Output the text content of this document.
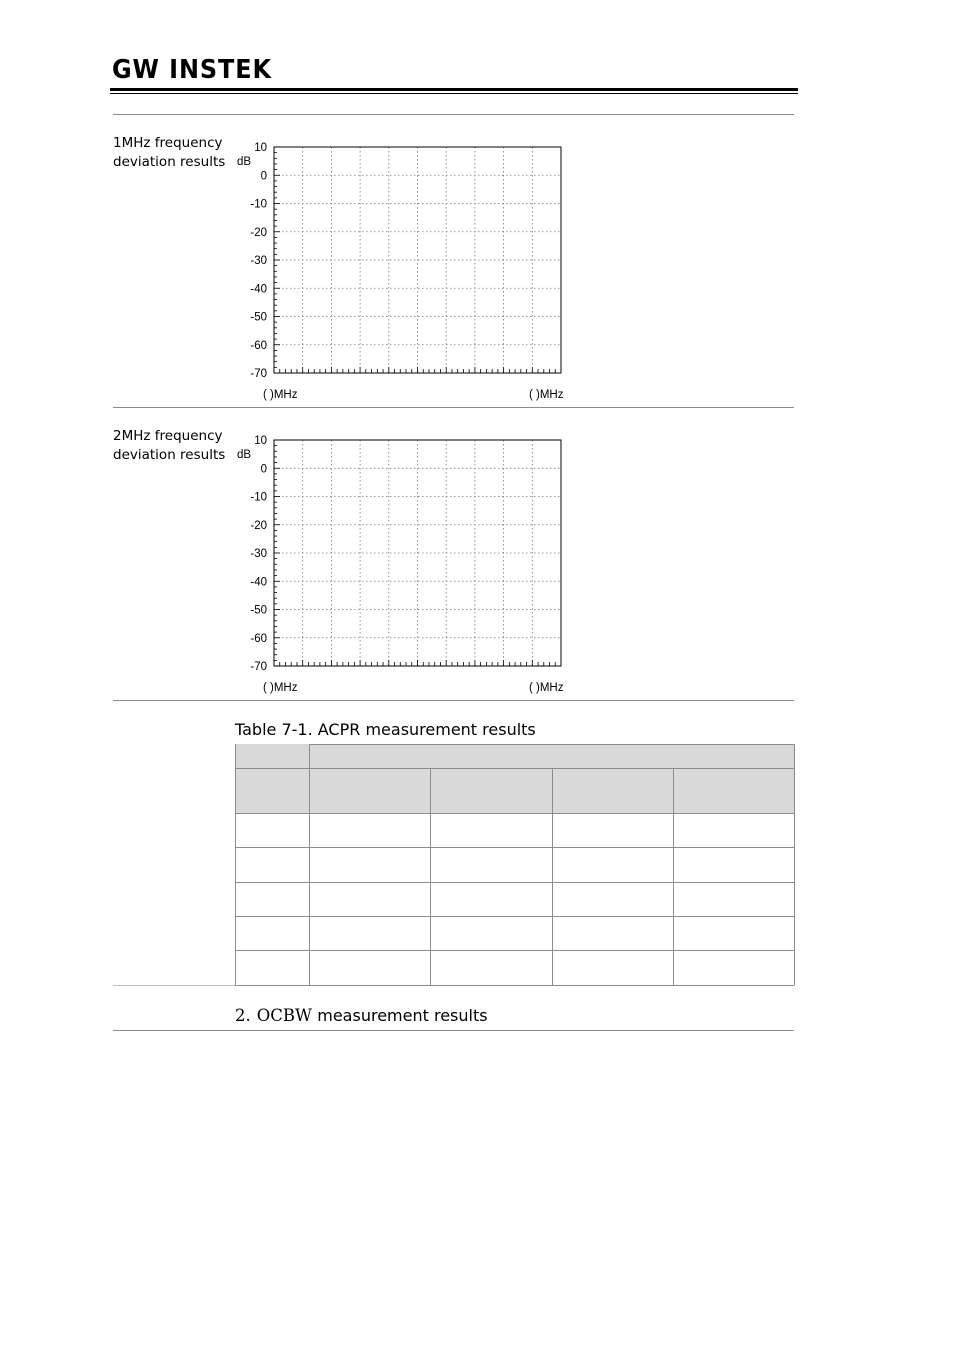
GW INSTEK
1MHz frequency
deviation results
10
0
-10
-20
-30
-40
-50
-60
-70
dB
( )MHz	( )MHz
2MHz frequency
deviation results
10
0
-10
-20
-30
-40
-50
-60
-70
dB
( )MHz	( )MHz
Table 7-1. ACPR measurement results
2. OCBW measurement results
